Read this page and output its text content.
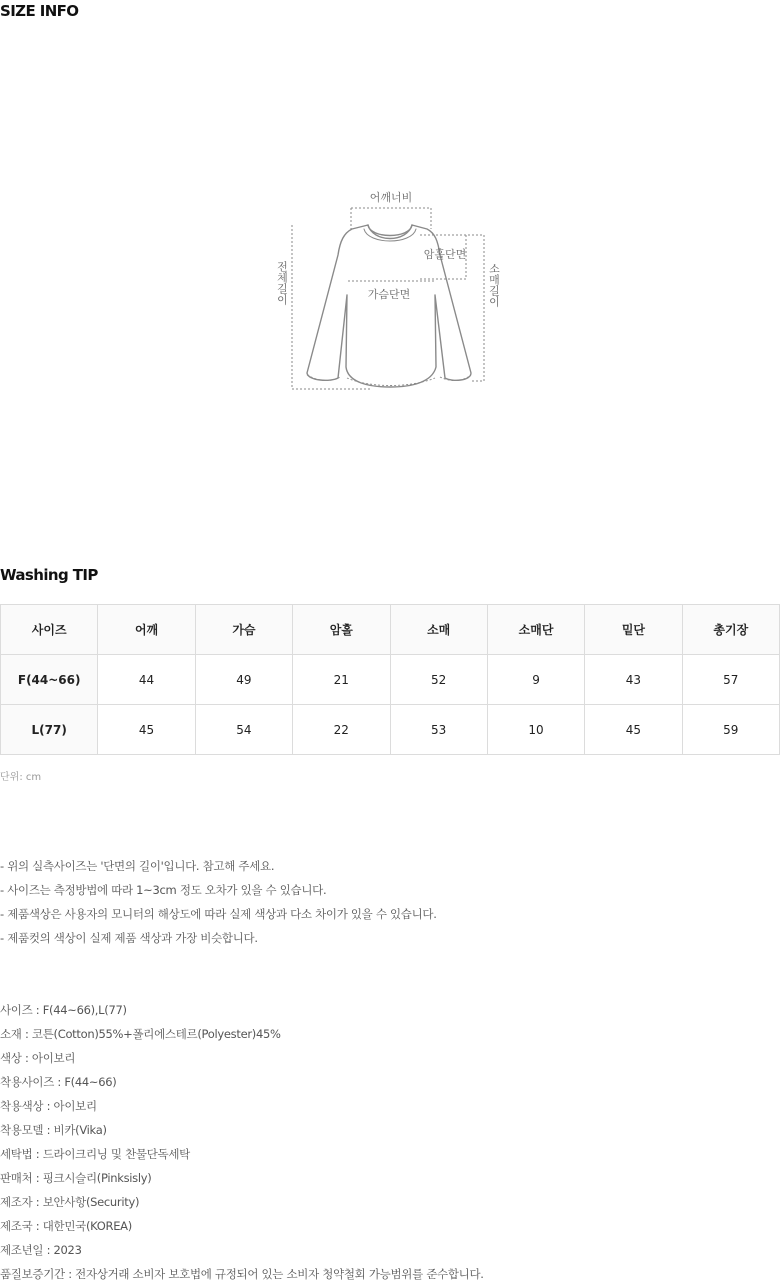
SIZE INFO
어깨너비
암홀단면
가슴단면
전체길이	소매길이
Washing TIP
사이즈	어깨	가슴	암홀	소매	소매단	밑단	총기장
F(44~66)	44	49	21	52	9	43	57
L(77)	45	54	22	53	10	45	59
단위: cm
- 위의 실측사이즈는 '단면의 길이'입니다. 참고해 주세요.
- 사이즈는 측정방법에 따라 1~3cm 정도 오차가 있을 수 있습니다.
- 제품색상은 사용자의 모니터의 해상도에 따라 실제 색상과 다소 차이가 있을 수 있습니다.
- 제품컷의 색상이 실제 제품 색상과 가장 비슷합니다.
사이즈 : F(44~66),L(77)
소재 : 코튼(Cotton)55%+폴리에스테르(Polyester)45%
색상 : 아이보리
착용사이즈 : F(44~66)
착용색상 : 아이보리
착용모델 : 비카(Vika)
세탁법 : 드라이크리닝 및 찬물단독세탁
판매처 : 핑크시슬리(Pinksisly)
제조자 : 보안사항(Security)
제조국 : 대한민국(KOREA)
제조년일 : 2023
품질보증기간 : 전자상거래 소비자 보호법에 규정되어 있는 소비자 청약철회 가능범위를 준수합니다.
